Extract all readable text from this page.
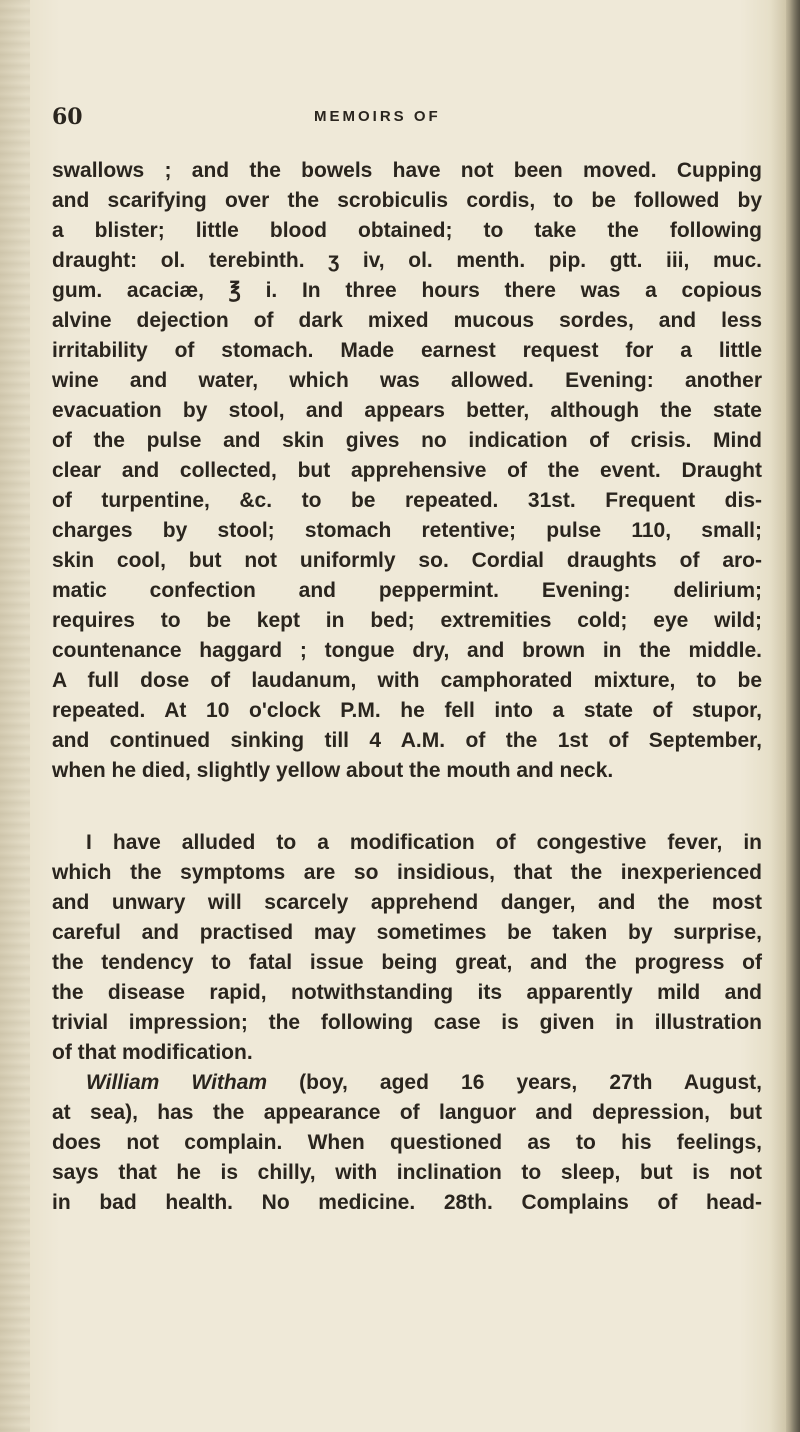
60	MEMOIRS OF
swallows ; and the bowels have not been moved. Cupping
and scarifying over the scrobiculis cordis, to be followed by
a blister; little blood obtained; to take the following
draught: ol. terebinth. ʒ iv, ol. menth. pip. gtt. iii, muc.
gum. acaciæ, ℥ i. In three hours there was a copious
alvine dejection of dark mixed mucous sordes, and less
irritability of stomach. Made earnest request for a little
wine and water, which was allowed. Evening: another
evacuation by stool, and appears better, although the state
of the pulse and skin gives no indication of crisis. Mind
clear and collected, but apprehensive of the event. Draught
of turpentine, &c. to be repeated. 31st. Frequent dis-
charges by stool; stomach retentive; pulse 110, small;
skin cool, but not uniformly so. Cordial draughts of aro-
matic confection and peppermint. Evening: delirium;
requires to be kept in bed; extremities cold; eye wild;
countenance haggard ; tongue dry, and brown in the middle.
A full dose of laudanum, with camphorated mixture, to be
repeated. At 10 o'clock P.M. he fell into a state of stupor,
and continued sinking till 4 A.M. of the 1st of September,
when he died, slightly yellow about the mouth and neck.
I have alluded to a modification of congestive fever, in
which the symptoms are so insidious, that the inexperienced
and unwary will scarcely apprehend danger, and the most
careful and practised may sometimes be taken by surprise,
the tendency to fatal issue being great, and the progress of
the disease rapid, notwithstanding its apparently mild and
trivial impression; the following case is given in illustration
of that modification.
William Witham (boy, aged 16 years, 27th August,
at sea), has the appearance of languor and depression, but
does not complain. When questioned as to his feelings,
says that he is chilly, with inclination to sleep, but is not
in bad health. No medicine. 28th. Complains of head-
